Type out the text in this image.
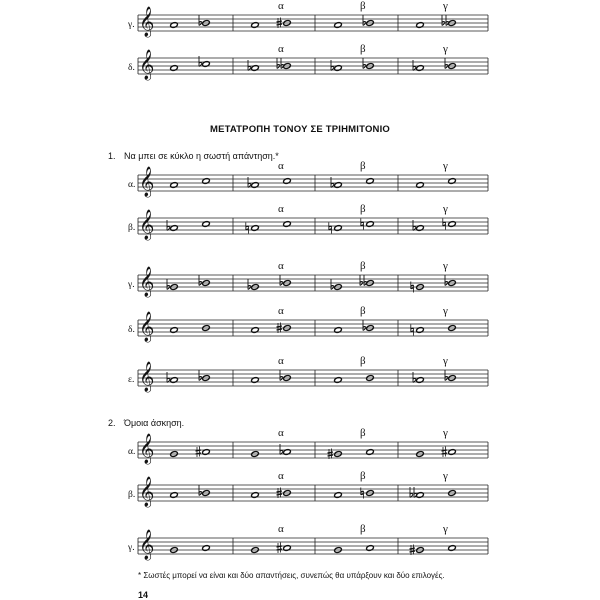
ΜΕΤΑΤΡΟΠΗ ΤΟΝΟΥ ΣΕ ΤΡΙΗΜΙΤΟΝΙΟ
1. Να μπει σε κύκλο η σωστή απάντηση.*
2. Όμοια άσκηση.
* Σωστές μπορεί να είναι και δύο απαντήσεις, συνεπώς θα υπάρξουν και δύο επιλογές.
14
𝄞
γ.
α	β	γ
𝄞
δ.
α	β	γ
𝄞
α.
α	β	γ
𝄞
β.
α	β	γ
𝄞
γ.
α	β	γ
𝄞
δ.
α	β	γ
𝄞
ε.
α	β	γ
𝄞
α.
α	β	γ
𝄞
β.
α	β	γ
𝄞
γ.
α	β	γ
